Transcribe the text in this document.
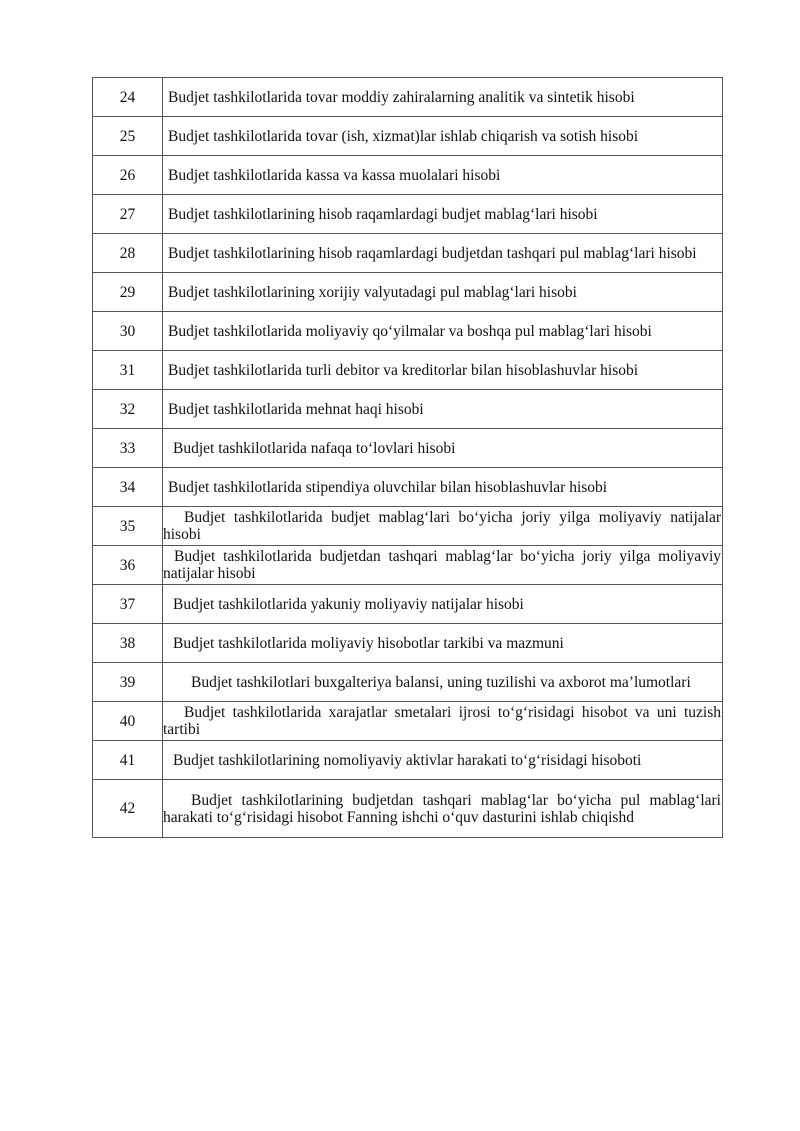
24	Budjet tashkilotlarida tovar moddiy zahiralarning analitik va sintetik hisobi

25	Budjet tashkilotlarida tovar (ish, xizmat)lar ishlab chiqarish va sotish hisobi

26	Budjet tashkilotlarida kassa va kassa muolalari hisobi

27	Budjet tashkilotlarining hisob raqamlardagi budjet mablag‘lari hisobi

28	Budjet tashkilotlarining hisob raqamlardagi budjetdan tashqari pul mablag‘lari hisobi

29	Budjet tashkilotlarining xorijiy valyutadagi pul mablag‘lari hisobi

30	Budjet tashkilotlarida moliyaviy qo‘yilmalar va boshqa pul mablag‘lari hisobi

31	Budjet tashkilotlarida turli debitor va kreditorlar bilan hisoblashuvlar hisobi

32	Budjet tashkilotlarida mehnat haqi hisobi

33	Budjet tashkilotlarida nafaqa to‘lovlari hisobi

34	Budjet tashkilotlarida stipendiya oluvchilar bilan hisoblashuvlar hisobi

35	Budjet tashkilotlarida budjet mablag‘lari bo‘yicha joriy yilga moliyaviy natijalar hisobi

36	Budjet tashkilotlarida budjetdan tashqari mablag‘lar bo‘yicha joriy yilga moliyaviy natijalar hisobi

37	Budjet tashkilotlarida yakuniy moliyaviy natijalar hisobi

38	Budjet tashkilotlarida moliyaviy hisobotlar tarkibi va mazmuni

39	Budjet tashkilotlari buxgalteriya balansi, uning tuzilishi va axborot ma’lumotlari

40	Budjet tashkilotlarida xarajatlar smetalari ijrosi to‘g‘risidagi hisobot va uni tuzish tartibi

41	Budjet tashkilotlarining nomoliyaviy aktivlar harakati to‘g‘risidagi hisoboti

42	Budjet tashkilotlarining budjetdan tashqari mablag‘lar bo‘yicha pul mablag‘lari harakati to‘g‘risidagi hisobot Fanning ishchi o‘quv dasturini ishlab chiqishd
